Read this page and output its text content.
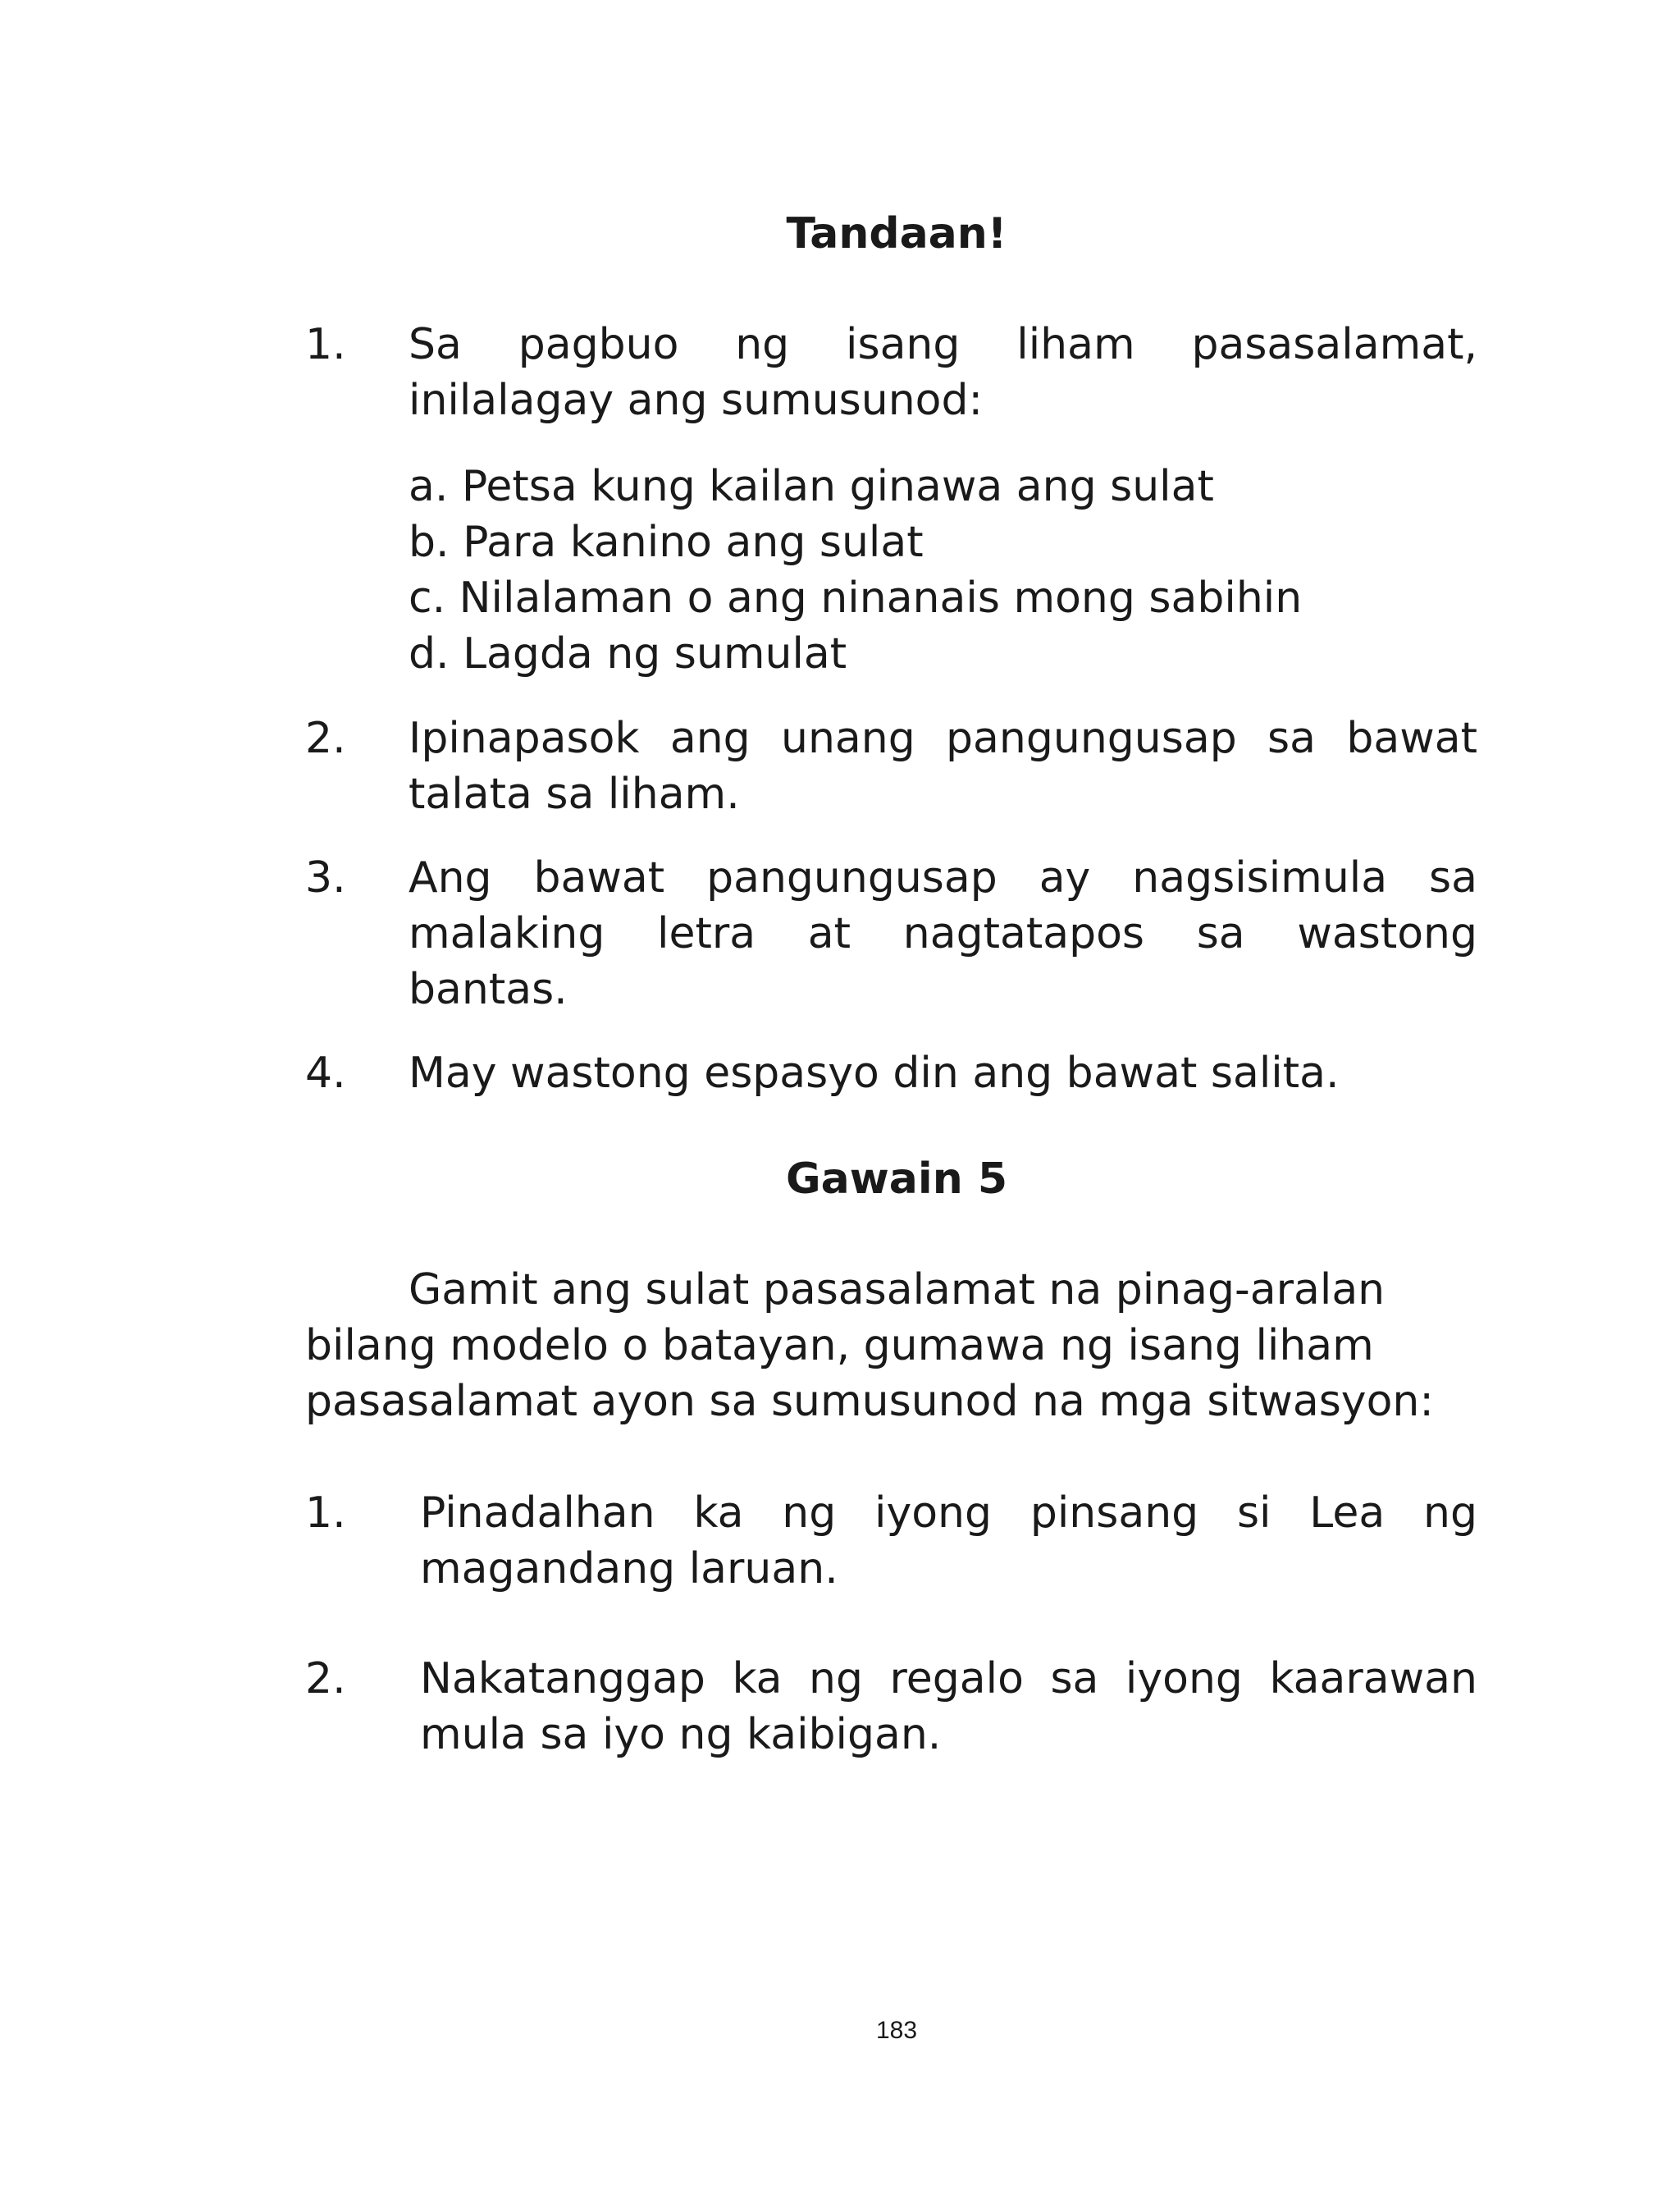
Tandaan!
1. Sa pagbuo ng isang liham pasasalamat,
inilalagay ang sumusunod:
a. Petsa kung kailan ginawa ang sulat
b. Para kanino ang sulat
c. Nilalaman o ang ninanais mong sabihin
d. Lagda ng sumulat
2. Ipinapasok ang unang pangungusap sa bawat
talata sa liham.
3. Ang bawat pangungusap ay nagsisimula sa
malaking letra at nagtatapos sa wastong
bantas.
4. May wastong espasyo din ang bawat salita.
Gawain 5
Gamit ang sulat pasasalamat na pinag-aralan
bilang modelo o batayan, gumawa ng isang liham
pasasalamat ayon sa sumusunod na mga sitwasyon:
1. Pinadalhan ka ng iyong pinsang si Lea ng
magandang laruan.
2. Nakatanggap ka ng regalo sa iyong kaarawan
mula sa iyo ng kaibigan.
183
